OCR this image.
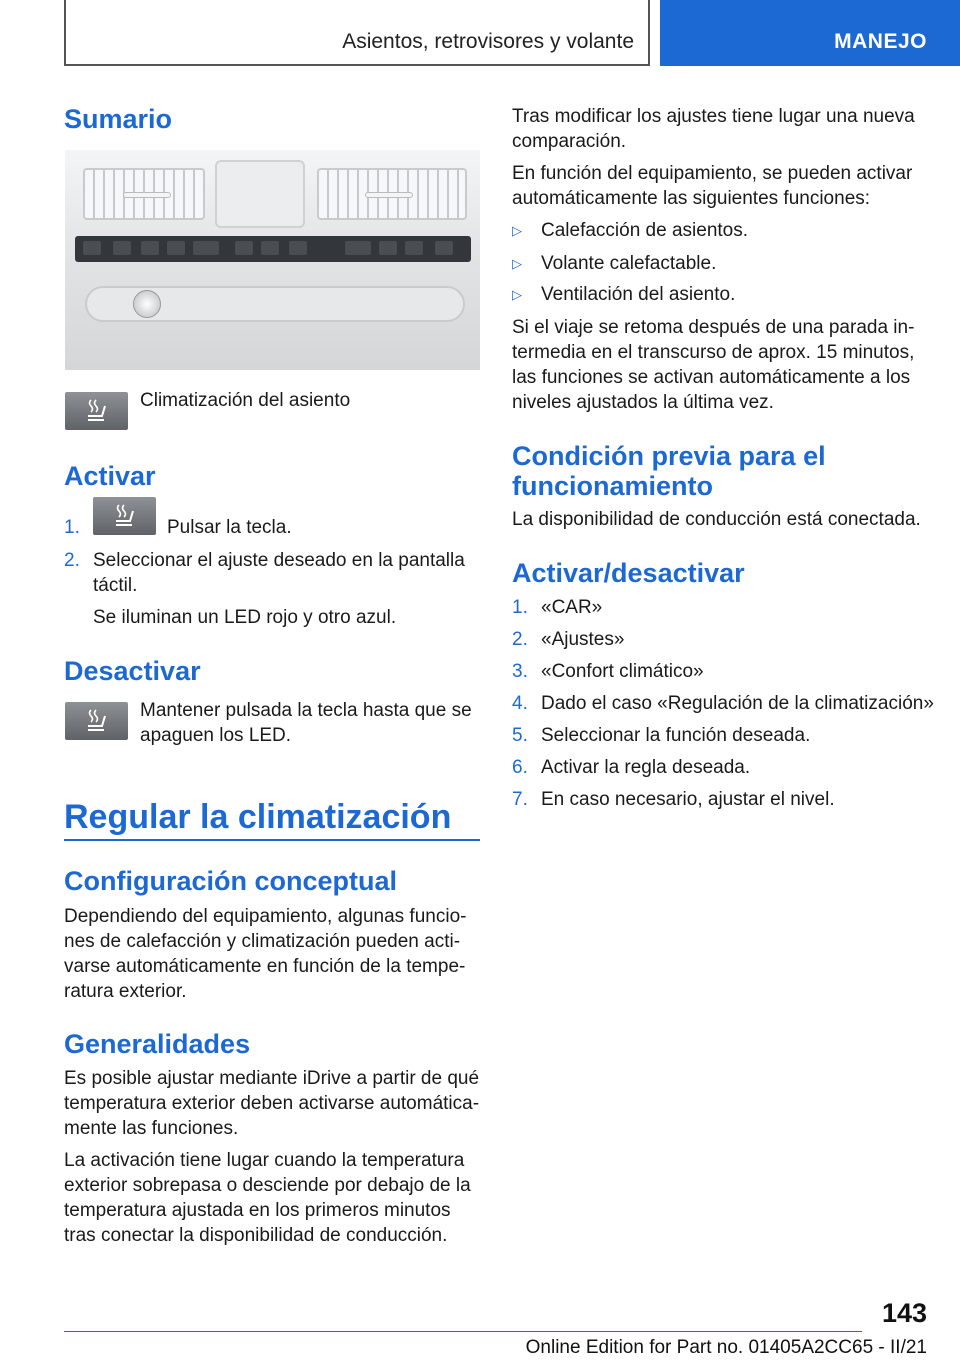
Asientos, retrovisores y volante	MANEJO
Sumario
Climatización del asiento
Activar
1.	Pulsar la tecla.
2. Seleccionar el ajuste deseado en la pantalla
táctil.
Se iluminan un LED rojo y otro azul.
Desactivar
Mantener pulsada la tecla hasta que se
apaguen los LED.
Regular la climatización
Configuración conceptual
Dependiendo del equipamiento, algunas funcio-
nes de calefacción y climatización pueden acti-
varse automáticamente en función de la tempe-
ratura exterior.
Generalidades
Es posible ajustar mediante iDrive a partir de qué
temperatura exterior deben activarse automática-
mente las funciones.
La activación tiene lugar cuando la temperatura
exterior sobrepasa o desciende por debajo de la
temperatura ajustada en los primeros minutos
tras conectar la disponibilidad de conducción.
Tras modificar los ajustes tiene lugar una nueva
comparación.
En función del equipamiento, se pueden activar
automáticamente las siguientes funciones:
▷ Calefacción de asientos.
▷ Volante calefactable.
▷ Ventilación del asiento.
Si el viaje se retoma después de una parada in-
termedia en el transcurso de aprox. 15 minutos,
las funciones se activan automáticamente a los
niveles ajustados la última vez.
Condición previa para el
funcionamiento
La disponibilidad de conducción está conectada.
Activar/desactivar
1. «CAR»
2. «Ajustes»
3. «Confort climático»
4. Dado el caso «Regulación de la climatización»
5. Seleccionar la función deseada.
6. Activar la regla deseada.
7. En caso necesario, ajustar el nivel.
143
Online Edition for Part no. 01405A2CC65 - II/21
